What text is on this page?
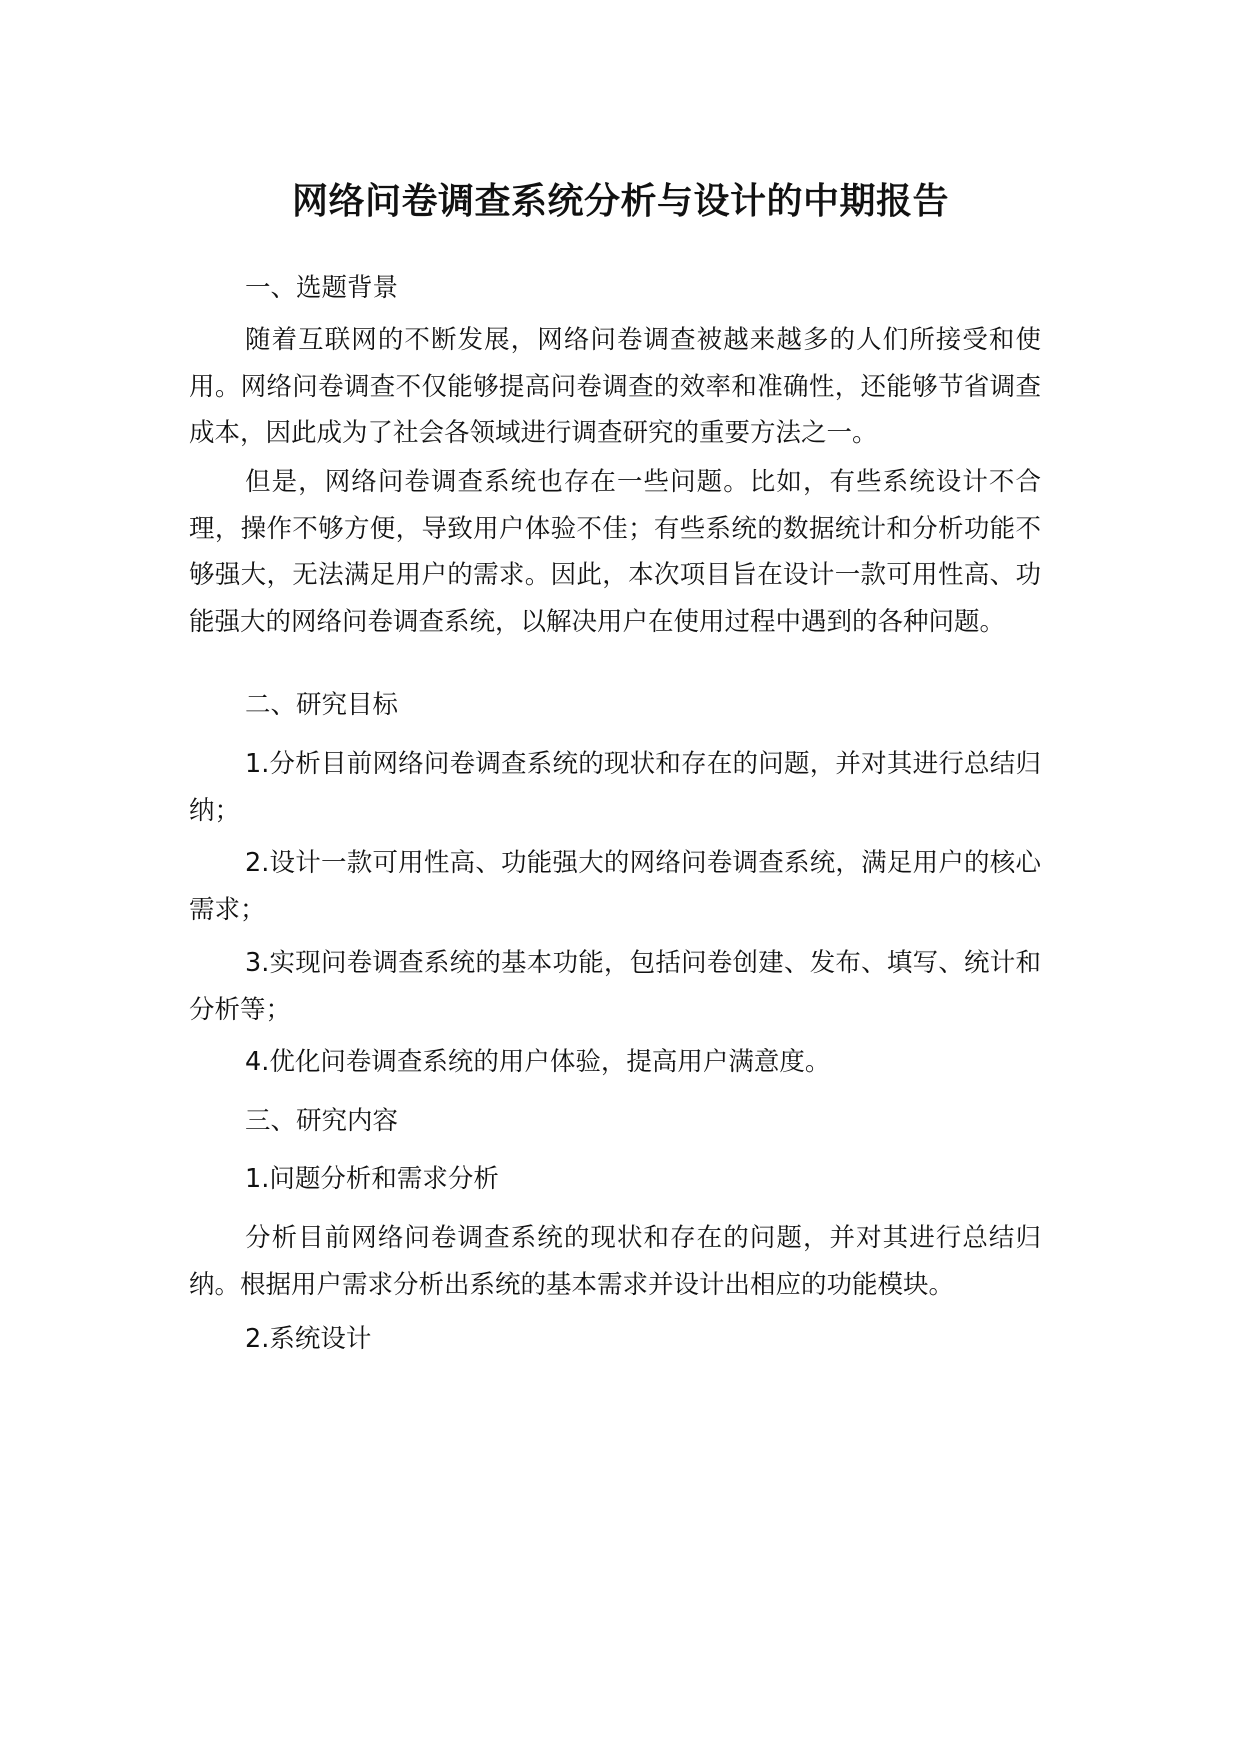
网络问卷调查系统分析与设计的中期报告

一、选题背景

随着互联网的不断发展，网络问卷调查被越来越多的人们所接受和使用。网络问卷调查不仅能够提高问卷调查的效率和准确性，还能够节省调查成本，因此成为了社会各领域进行调查研究的重要方法之一。

但是，网络问卷调查系统也存在一些问题。比如，有些系统设计不合理，操作不够方便，导致用户体验不佳；有些系统的数据统计和分析功能不够强大，无法满足用户的需求。因此，本次项目旨在设计一款可用性高、功能强大的网络问卷调查系统，以解决用户在使用过程中遇到的各种问题。

二、研究目标

1.分析目前网络问卷调查系统的现状和存在的问题，并对其进行总结归纳；

2.设计一款可用性高、功能强大的网络问卷调查系统，满足用户的核心需求；

3.实现问卷调查系统的基本功能，包括问卷创建、发布、填写、统计和分析等；

4.优化问卷调查系统的用户体验，提高用户满意度。

三、研究内容

1.问题分析和需求分析

分析目前网络问卷调查系统的现状和存在的问题，并对其进行总结归纳。根据用户需求分析出系统的基本需求并设计出相应的功能模块。

2.系统设计
